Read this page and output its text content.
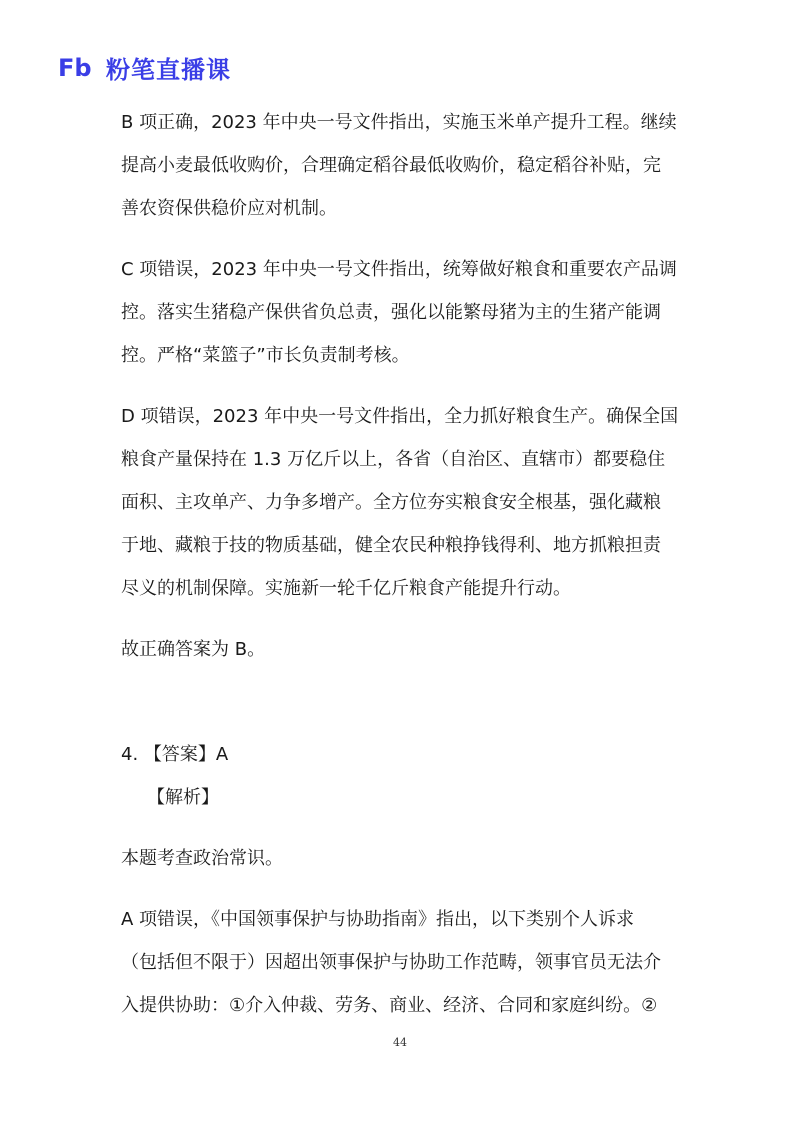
Fb 粉笔直播课

B 项正确，2023 年中央一号文件指出，实施玉米单产提升工程。继续
提高小麦最低收购价，合理确定稻谷最低收购价，稳定稻谷补贴，完
善农资保供稳价应对机制。

C 项错误，2023 年中央一号文件指出，统筹做好粮食和重要农产品调
控。落实生猪稳产保供省负总责，强化以能繁母猪为主的生猪产能调
控。严格“菜篮子”市长负责制考核。

D 项错误，2023 年中央一号文件指出，全力抓好粮食生产。确保全国
粮食产量保持在 1.3 万亿斤以上，各省（自治区、直辖市）都要稳住
面积、主攻单产、力争多增产。全方位夯实粮食安全根基，强化藏粮
于地、藏粮于技的物质基础，健全农民种粮挣钱得利、地方抓粮担责
尽义的机制保障。实施新一轮千亿斤粮食产能提升行动。

故正确答案为 B。

4. 【答案】A
【解析】

本题考查政治常识。

A 项错误，《中国领事保护与协助指南》指出，以下类别个人诉求
（包括但不限于）因超出领事保护与协助工作范畴，领事官员无法介
入提供协助：①介入仲裁、劳务、商业、经济、合同和家庭纠纷。②

44
